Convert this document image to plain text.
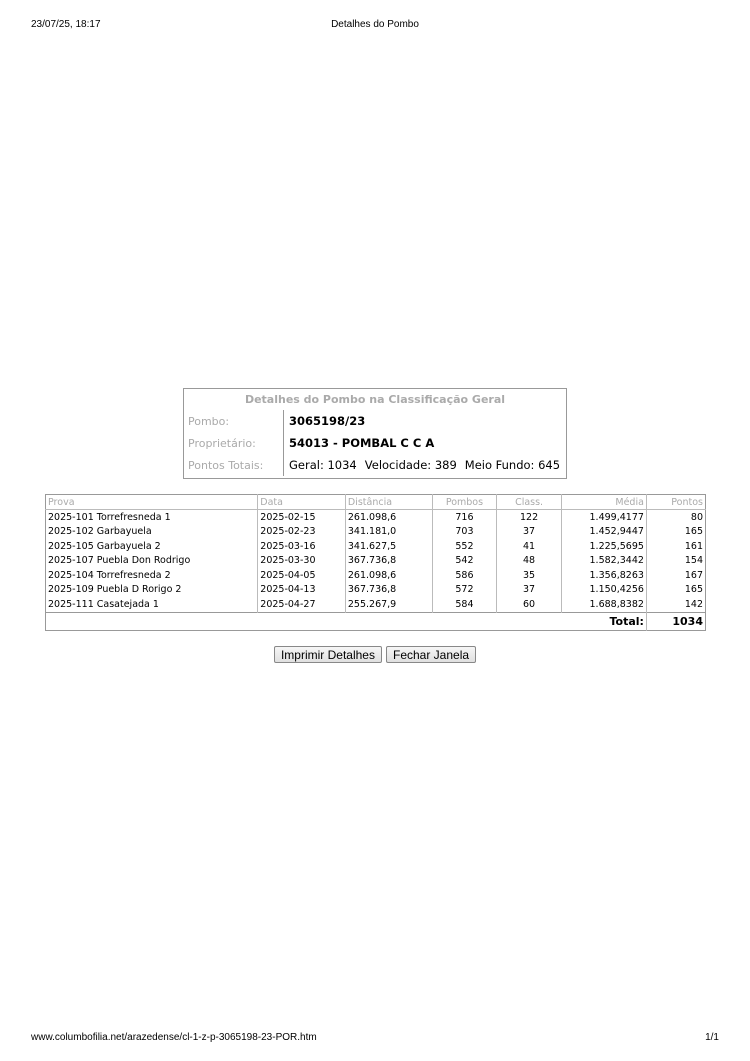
23/07/25, 18:17	Detalhes do Pombo
Detalhes do Pombo na Classificação Geral	
Pombo:	3065198/23
Proprietário:	54013 - POMBAL C C A
Pontos Totais:	Geral: 1034 Velocidade: 389 Meio Fundo: 645
Prova	Data	Distância	Pombos	Class.	Média	Pontos
2025-101 Torrefresneda 1	2025-02-15	261.098,6	716	122	1.499,4177	80
2025-102 Garbayuela	2025-02-23	341.181,0	703	37	1.452,9447	165
2025-105 Garbayuela 2	2025-03-16	341.627,5	552	41	1.225,5695	161
2025-107 Puebla Don Rodrigo	2025-03-30	367.736,8	542	48	1.582,3442	154
2025-104 Torrefresneda 2	2025-04-05	261.098,6	586	35	1.356,8263	167
2025-109 Puebla D Rorigo 2	2025-04-13	367.736,8	572	37	1.150,4256	165
2025-111 Casatejada 1	2025-04-27	255.267,9	584	60	1.688,8382	142
Total:						1034
Imprimir Detalhes Fechar Janela
www.columbofilia.net/arazedense/cl-1-z-p-3065198-23-POR.htm	1/1
